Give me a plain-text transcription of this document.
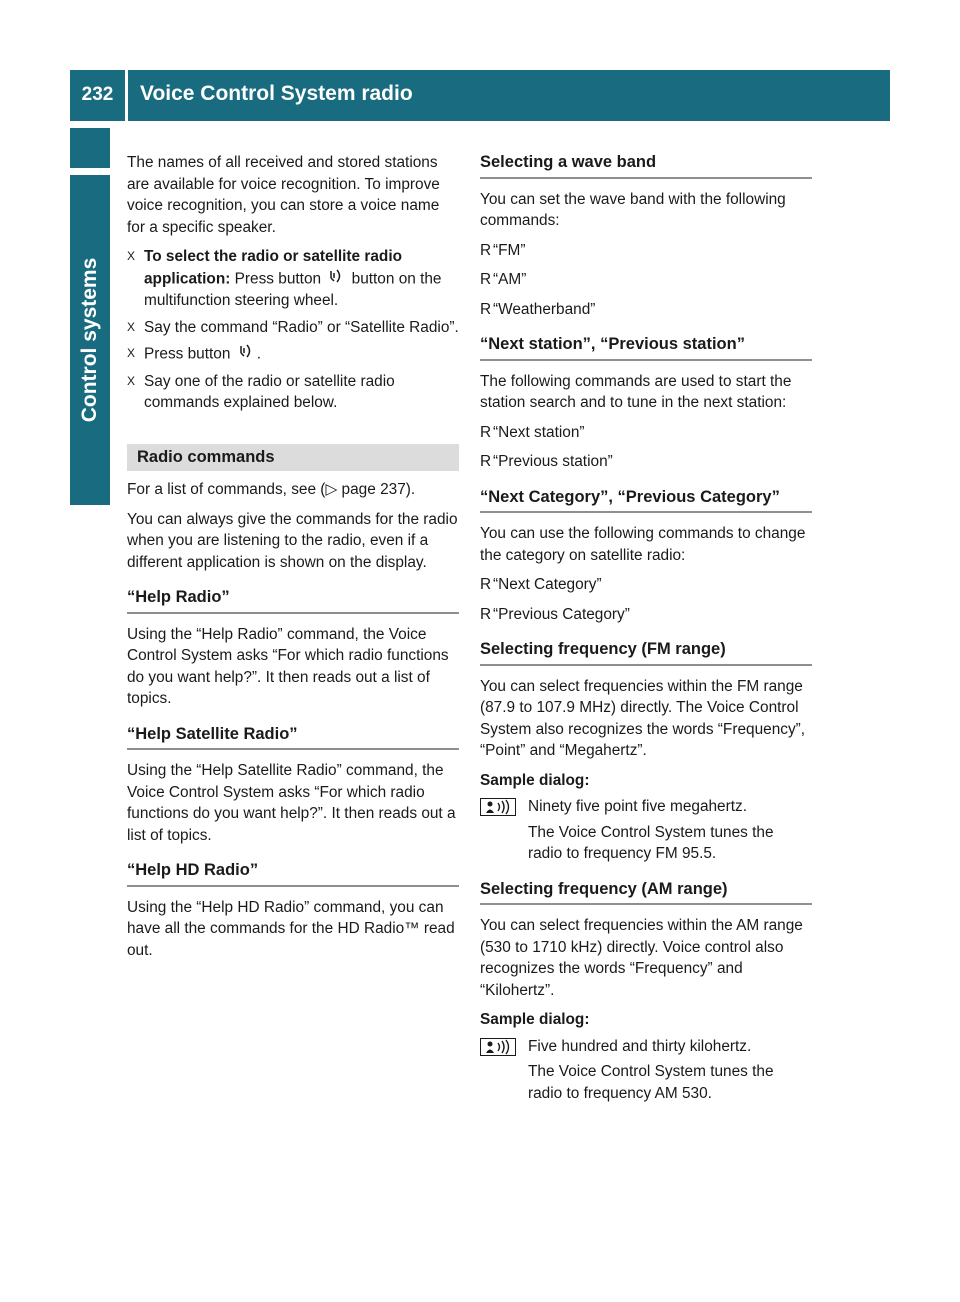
232	Voice Control System radio
Control systems

The names of all received and stored stations are available for voice recognition. To improve voice recognition, you can store a voice name for a specific speaker.

X To select the radio or satellite radio application: Press button button on the multifunction steering wheel.
X Say the command “Radio” or “Satellite Radio”.
X Press button .
X Say one of the radio or satellite radio commands explained below.
Radio commands

For a list of commands, see (▷ page 237).

You can always give the commands for the radio when you are listening to the radio, even if a different application is shown on the display.

“Help Radio”

Using the “Help Radio” command, the Voice Control System asks “For which radio functions do you want help?”. It then reads out a list of topics.

“Help Satellite Radio”

Using the “Help Satellite Radio” command, the Voice Control System asks “For which radio functions do you want help?”. It then reads out a list of topics.

“Help HD Radio”

Using the “Help HD Radio” command, you can have all the commands for the HD Radio™ read out.

Selecting a wave band

You can set the wave band with the following commands:

R “FM”
R “AM”
R “Weatherband”
“Next station”, “Previous station”

The following commands are used to start the station search and to tune in the next station:

R “Next station”
R “Previous station”
“Next Category”, “Previous Category”

You can use the following commands to change the category on satellite radio:

R “Next Category”
R “Previous Category”
Selecting frequency (FM range)

You can select frequencies within the FM range (87.9 to 107.9 MHz) directly. The Voice Control System also recognizes the words “Frequency”, “Point” and “Megahertz”.

Sample dialog:
Ninety five point five megahertz.

The Voice Control System tunes the radio to frequency FM 95.5.

Selecting frequency (AM range)

You can select frequencies within the AM range (530 to 1710 kHz) directly. Voice control also recognizes the words “Frequency” and “Kilohertz”.

Sample dialog:
Five hundred and thirty kilohertz.

The Voice Control System tunes the radio to frequency AM 530.
